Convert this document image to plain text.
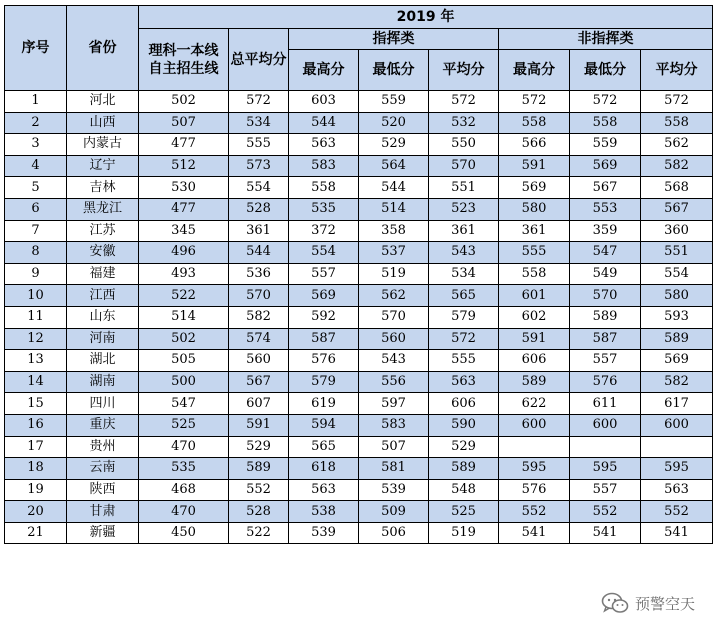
序号	省份	2019 年							
		理科一本线
自主招生线	总平均分	指挥类			非指挥类		
				最高分	最低分	平均分	最高分	最低分	平均分
1	河北	502	572	603	559	572	572	572	572
2	山西	507	534	544	520	532	558	558	558
3	内蒙古	477	555	563	529	550	566	559	562
4	辽宁	512	573	583	564	570	591	569	582
5	吉林	530	554	558	544	551	569	567	568
6	黑龙江	477	528	535	514	523	580	553	567
7	江苏	345	361	372	358	361	361	359	360
8	安徽	496	544	554	537	543	555	547	551
9	福建	493	536	557	519	534	558	549	554
10	江西	522	570	569	562	565	601	570	580
11	山东	514	582	592	570	579	602	589	593
12	河南	502	574	587	560	572	591	587	589
13	湖北	505	560	576	543	555	606	557	569
14	湖南	500	567	579	556	563	589	576	582
15	四川	547	607	619	597	606	622	611	617
16	重庆	525	591	594	583	590	600	600	600
17	贵州	470	529	565	507	529			
18	云南	535	589	618	581	589	595	595	595
19	陕西	468	552	563	539	548	576	557	563
20	甘肃	470	528	538	509	525	552	552	552
21	新疆	450	522	539	506	519	541	541	541
预警空天
